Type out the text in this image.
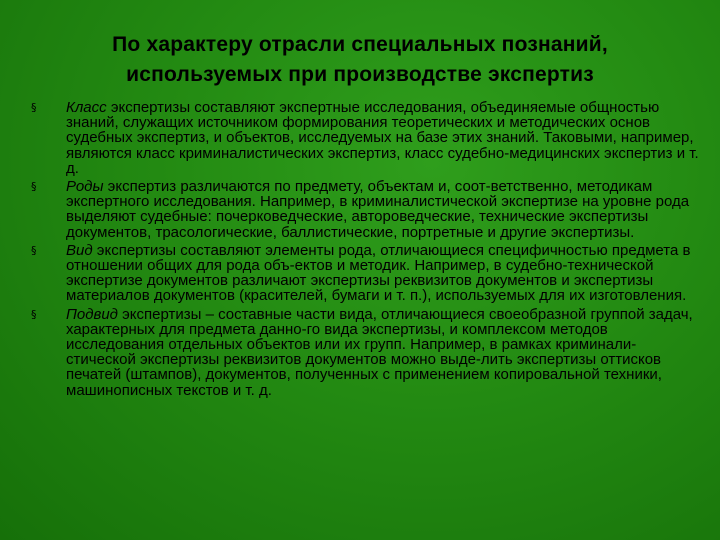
По характеру отрасли специальных познаний,
используемых при производстве экспертиз
§ Класс экспертизы составляют экспертные исследования, объединяемые общностью знаний, служащих источником формирования теоретических и методических основ судебных экспертиз, и объектов, исследуемых на базе этих знаний. Таковыми, например, являются класс криминалистических экспертиз, класс судебно-медицинских экспертиз и т. д.
§ Роды экспертиз различаются по предмету, объектам и, соот-ветственно, методикам экспертного исследования. Например, в криминалистической экспертизе на уровне рода выделяют судебные: почерковедческие, автороведческие, технические экспертизы документов, трасологические, баллистические, портретные и другие экспертизы.
§ Вид экспертизы составляют элементы рода, отличающиеся специфичностью предмета в отношении общих для рода объ-ектов и методик. Например, в судебно-технической экспертизе документов различают экспертизы реквизитов документов и экспертизы материалов документов (красителей, бумаги и т. п.), используемых для их изготовления.
§ Подвид экспертизы – составные части вида, отличающиеся своеобразной группой задач, характерных для предмета данно-го вида экспертизы, и комплексом методов исследования отдельных объектов или их групп. Например, в рамках криминали-стической экспертизы реквизитов документов можно выде-лить экспертизы оттисков печатей (штампов), документов, полученных с применением копировальной техники, машинописных текстов и т. д.
